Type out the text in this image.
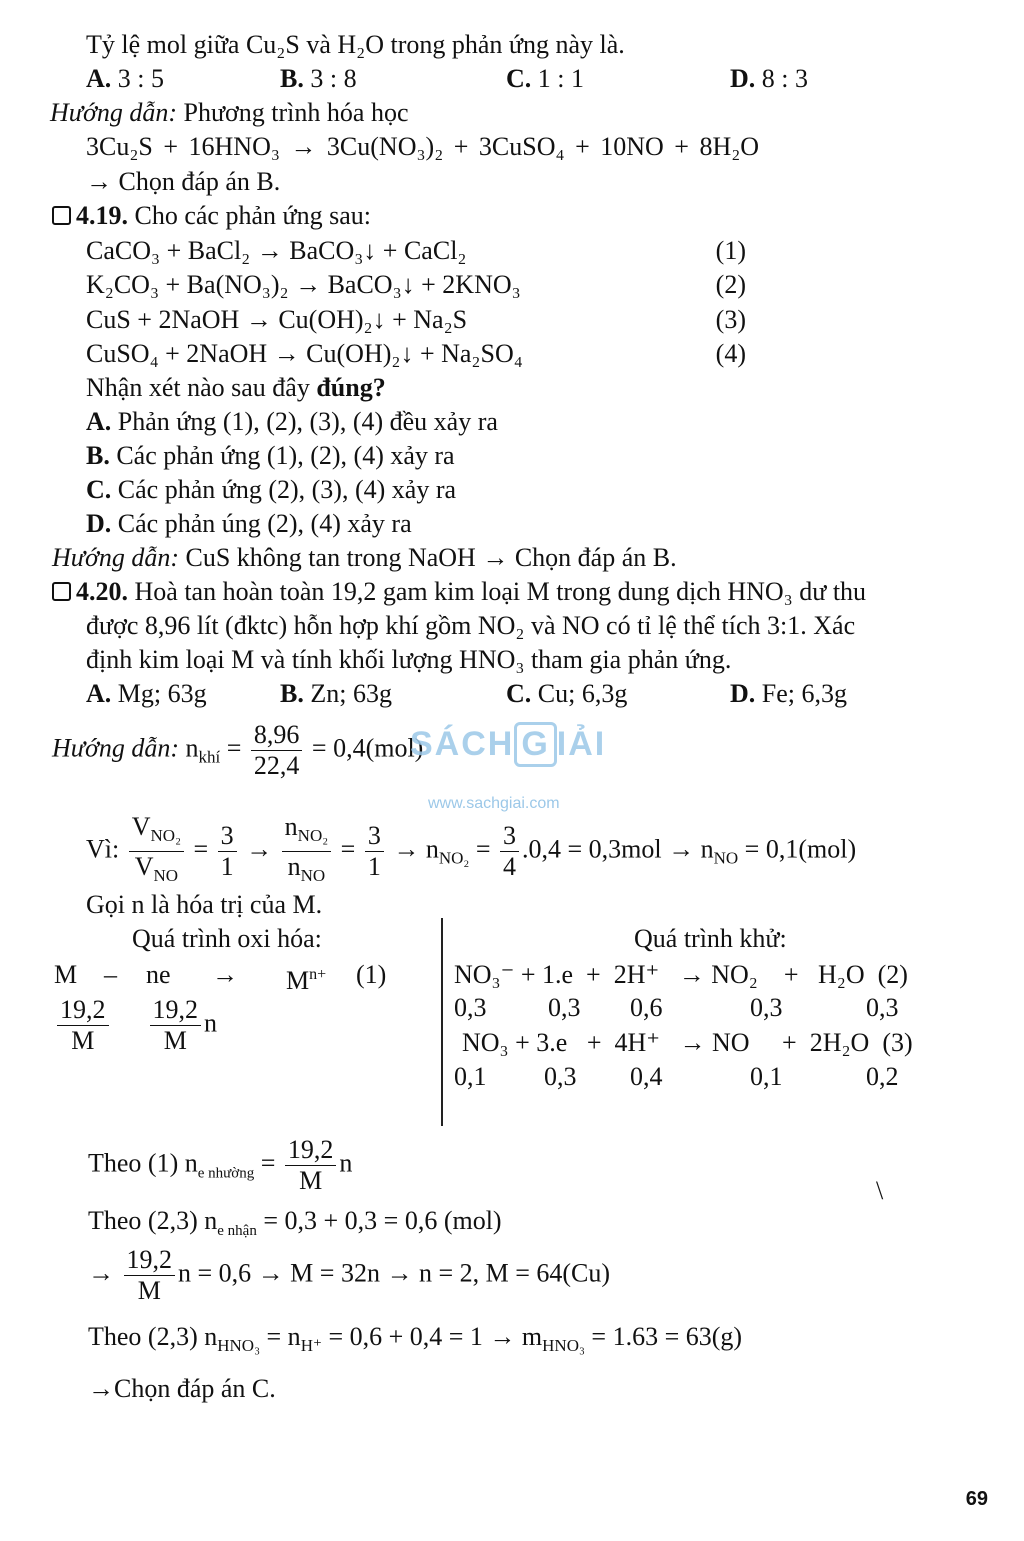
Tỷ lệ mol giữa Cu₂S và H₂O trong phản ứng này là.
A. 3 : 5	B. 3 : 8	C. 1 : 1	D. 8 : 3
Hướng dẫn: Phương trình hóa học
3Cu₂S + 16HNO₃ → 3Cu(NO₃)₂ + 3CuSO₄ + 10NO + 8H₂O
→ Chọn đáp án B.
4.19. Cho các phản ứng sau:
CaCO₃ + BaCl₂ → BaCO₃↓ + CaCl₂	(1)
K₂CO₃ + Ba(NO₃)₂ → BaCO₃↓ + 2KNO₃	(2)
CuS + 2NaOH → Cu(OH)₂↓ + Na₂S	(3)
CuSO₄ + 2NaOH → Cu(OH)₂↓ + Na₂SO₄	(4)
Nhận xét nào sau đây đúng?
A. Phản ứng (1), (2), (3), (4) đều xảy ra
B. Các phản ứng (1), (2), (4) xảy ra
C. Các phản ứng (2), (3), (4) xảy ra
D. Các phản úng (2), (4) xảy ra
Hướng dẫn: CuS không tan trong NaOH → Chọn đáp án B.
4.20. Hoà tan hoàn toàn 19,2 gam kim loại M trong dung dịch HNO₃ dư thu
được 8,96 lít (đktc) hỗn hợp khí gồm NO₂ và NO có tỉ lệ thể tích 3:1. Xác
định kim loại M và tính khối lượng HNO₃ tham gia phản ứng.
A. Mg; 63g	B. Zn; 63g	C. Cu; 6,3g	D. Fe; 6,3g
Hướng dẫn: $n_{khí} = \frac{8,96}{22,4} = 0,4(mol)$
SÁCH G IẢI
www.sachgiai.com
Vì: $\frac{V_{NO_2}}{V_{NO}} = \frac{3}{1} \to \frac{n_{NO_2}}{n_{NO}} = \frac{3}{1} \to n_{NO_2} = \frac{3}{4} .0,4 = 0,3mol \to n_{NO} = 0,1(mol)$
Gọi n là hóa trị của M.
Quá trình oxi hóa:
M – ne → $M^{n+}$ (1)
$\frac{19,2}{M}$
$\frac{19,2}{M}$ n
Quá trình khử:
NO₃⁻ + 1.e  +  2H⁺   → NO₂    +   H₂O  (2)
0,3 0,3 0,6	0,3	0,3
NO₃ + 3.e   +  4H⁺   → NO     +  2H₂O  (3)
0,1 0,3 0,4	0,1	0,2
Theo (1) $n_{e nhường} = \frac{19,2}{M}$ n
\
Theo (2,3) $n_{e nhận} = 0,3 + 0,3 = 0,6$ (mol)
→ $\frac{19,2}{M}$ n = 0,6 → M = 32n → n = 2, M = 64(Cu)
Theo (2,3) $n_{HNO_3} = n_{H^+} = 0,6 + 0,4 = 1 \to m_{HNO_3} = 1.63 = 63(g)$
→Chọn đáp án C.
69
